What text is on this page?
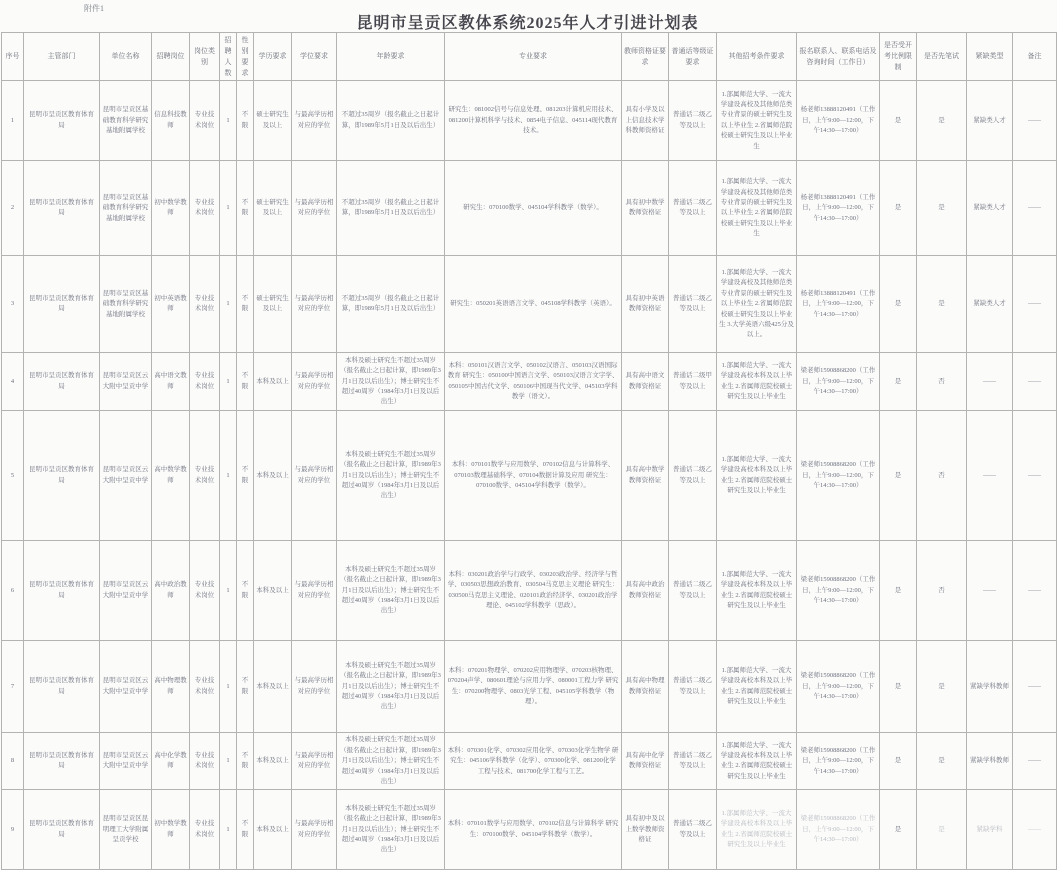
附件1
昆明市呈贡区教体系统2025年人才引进计划表
序号	主管部门	单位名称	招聘岗位	岗位类别	招聘人数	性别要求	学历要求	学位要求	年龄要求	专业要求	教师资格证要求	普通话等级证要求	其他招考条件要求	报名联系人、联系电话及咨询时间（工作日）	是否受开考比例限制	是否先笔试	紧缺类型	备注
1	昆明市呈贡区教育体育局	昆明市呈贡区基础教育科学研究基地附属学校	信息科技教师	专业技术岗位	1	不限	硕士研究生及以上	与最高学历相对应的学位	不超过35周岁（报名截止之日起计算，即1989年5月1日及以后出生）	研究生：081002信号与信息处理、081203计算机应用技术、081200计算机科学与技术、0854电子信息、045114现代教育技术。	具有小学及以上信息技术学科教师资格证	普通话二级乙等及以上	1.部属师范大学、一流大学建设高校及其他师范类专业背景的硕士研究生及以上毕业生 2.省属师范院校硕士研究生及以上毕业生	杨老师13888120491（工作日，上午9:00—12:00，下午14:30—17:00）	是	是	紧缺类人才	——
2	昆明市呈贡区教育体育局	昆明市呈贡区基础教育科学研究基地附属学校	初中数学教师	专业技术岗位	1	不限	硕士研究生及以上	与最高学历相对应的学位	不超过35周岁（报名截止之日起计算，即1989年5月1日及以后出生）	研究生：070100数学、045104学科教学（数学）。	具有初中数学教师资格证	普通话二级乙等及以上	1.部属师范大学、一流大学建设高校及其他师范类专业背景的硕士研究生及以上毕业生 2.省属师范院校硕士研究生及以上毕业生	杨老师13888120491（工作日，上午9:00—12:00，下午14:30—17:00）	是	是	紧缺类人才	——
3	昆明市呈贡区教育体育局	昆明市呈贡区基础教育科学研究基地附属学校	初中英语教师	专业技术岗位	1	不限	硕士研究生及以上	与最高学历相对应的学位	不超过35周岁（报名截止之日起计算，即1989年5月1日及以后出生）	研究生：050201英语语言文学、045108学科教学（英语）。	具有初中英语教师资格证	普通话二级乙等及以上	1.部属师范大学、一流大学建设高校及其他师范类专业背景的硕士研究生及以上毕业生 2.省属师范院校硕士研究生及以上毕业生 3.大学英语六级425分及以上。	杨老师13888120491（工作日，上午9:00—12:00，下午14:30—17:00）	是	是	紧缺类人才	——
4	昆明市呈贡区教育体育局	昆明市呈贡区云大附中呈贡中学	高中语文教师	专业技术岗位	1	不限	本科及以上	与最高学历相对应的学位	本科及硕士研究生不超过35周岁（报名截止之日起计算，即1989年3月1日及以后出生）；博士研究生不超过40周岁（1984年3月1日及以后出生）	本科：050101汉语言文学、050102汉语言、050103汉语国际教育 研究生：050100中国语言文学、050103汉语言文字学、050105中国古代文学、050106中国现当代文学、045103学科教学（语文）。	具有高中语文教师资格证	普通话二级甲等及以上	1.部属师范大学、一流大学建设高校本科及以上毕业生 2.省属师范院校硕士研究生及以上毕业生	梁老师15908868200（工作日，上午9:00—12:00，下午14:30—17:00）	是	否	——	——
5	昆明市呈贡区教育体育局	昆明市呈贡区云大附中呈贡中学	高中数学教师	专业技术岗位	1	不限	本科及以上	与最高学历相对应的学位	本科及硕士研究生不超过35周岁（报名截止之日起计算，即1989年3月1日及以后出生）；博士研究生不超过40周岁（1984年3月1日及以后出生）	本科：070101数学与应用数学、070102信息与计算科学、070103数理基础科学、070104数据计算及应用 研究生：070100数学、045104学科教学（数学）。	具有高中数学教师资格证	普通话二级乙等及以上	1.部属师范大学、一流大学建设高校本科及以上毕业生 2.省属师范院校硕士研究生及以上毕业生	梁老师15908868200（工作日，上午9:00—12:00，下午14:30—17:00）	是	否	——	——
6	昆明市呈贡区教育体育局	昆明市呈贡区云大附中呈贡中学	高中政治教师	专业技术岗位	1	不限	本科及以上	与最高学历相对应的学位	本科及硕士研究生不超过35周岁（报名截止之日起计算，即1989年3月1日及以后出生）；博士研究生不超过40周岁（1984年3月1日及以后出生）	本科：030201政治学与行政学、030203政治学、经济学与哲学、030503思想政治教育、030504马克思主义理论 研究生：030500马克思主义理论、020101政治经济学、030201政治学理论、045102学科教学（思政）。	具有高中政治教师资格证	普通话二级乙等及以上	1.部属师范大学、一流大学建设高校本科及以上毕业生 2.省属师范院校硕士研究生及以上毕业生	梁老师15908868200（工作日，上午9:00—12:00，下午14:30—17:00）	是	否	——	——
7	昆明市呈贡区教育体育局	昆明市呈贡区云大附中呈贡中学	高中物理教师	专业技术岗位	1	不限	本科及以上	与最高学历相对应的学位	本科及硕士研究生不超过35周岁（报名截止之日起计算，即1989年3月1日及以后出生）；博士研究生不超过40周岁（1984年3月1日及以后出生）	本科：070201物理学、070202应用物理学、070203核物理、070204声学、080601理论与应用力学、080001工程力学 研究生：070200物理学、0803光学工程、045105学科教学（物理）。	具有高中物理教师资格证	普通话二级乙等及以上	1.部属师范大学、一流大学建设高校本科及以上毕业生 2.省属师范院校硕士研究生及以上毕业生	梁老师15908868200（工作日，上午9:00—12:00，下午14:30—17:00）	是	是	紧缺学科教师	——
8	昆明市呈贡区教育体育局	昆明市呈贡区云大附中呈贡中学	高中化学教师	专业技术岗位	1	不限	本科及以上	与最高学历相对应的学位	本科及硕士研究生不超过35周岁（报名截止之日起计算，即1989年3月1日及以后出生）；博士研究生不超过40周岁（1984年3月1日及以后出生）	本科：070301化学、070302应用化学、070303化学生物学 研究生：045106学科教学（化学）、070300化学、081200化学工程与技术、081700化学工程与工艺。	具有高中化学教师资格证	普通话二级乙等及以上	1.部属师范大学、一流大学建设高校本科及以上毕业生 2.省属师范院校硕士研究生及以上毕业生	梁老师15908868200（工作日，上午9:00—12:00，下午14:30—17:00）	是	是	紧缺学科教师	——
9	昆明市呈贡区教育体育局	昆明市呈贡区昆明理工大学附属呈贡学校	初中数学教师	专业技术岗位	1	不限	本科及以上	与最高学历相对应的学位	本科及硕士研究生不超过35周岁（报名截止之日起计算，即1989年3月1日及以后出生）；博士研究生不超过40周岁（1984年3月1日及以后出生）	本科：070101数学与应用数学、070102信息与计算科学 研究生：070100数学、045104学科教学（数学）。	具有初中及以上数学教师资格证	普通话二级乙等及以上	1.部属师范大学、一流大学建设高校本科及以上毕业生 2.省属师范院校硕士研究生及以上毕业生	梁老师15908868200（工作日，上午9:00—12:00，下午14:30—17:00）	是	是	紧缺学科	——
